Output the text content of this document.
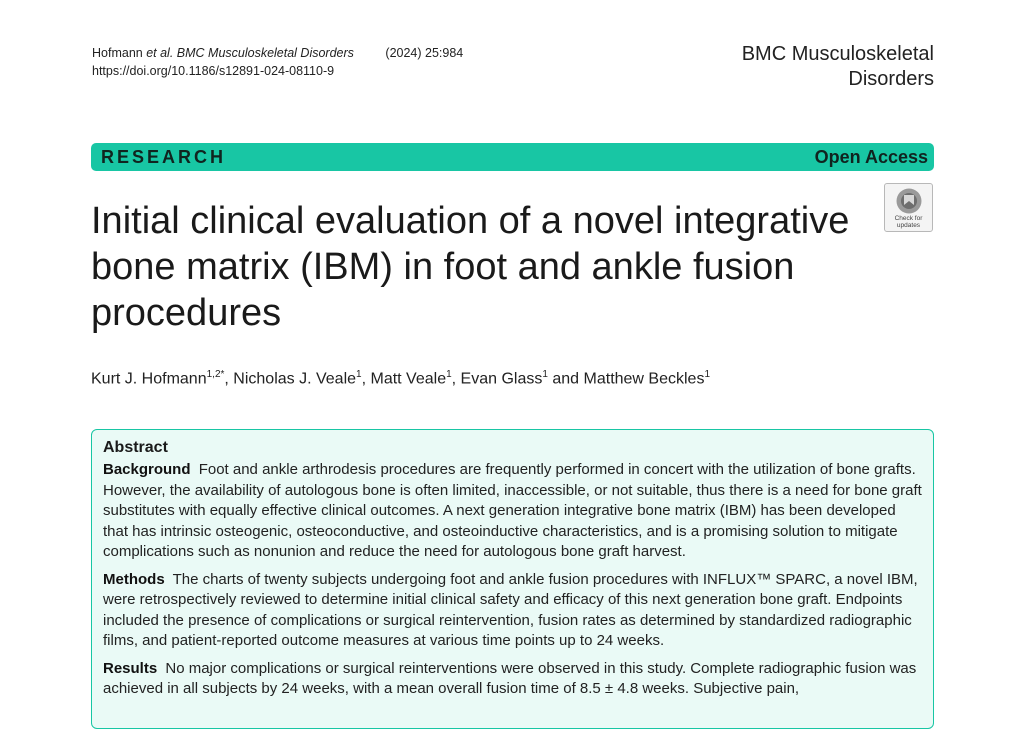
Hofmann et al. BMC Musculoskeletal Disorders	(2024) 25:984
https://doi.org/10.1186/s12891-024-08110-9
BMC Musculoskeletal
Disorders
RESEARCH	Open Access
Check for
updates
Initial clinical evaluation of a novel integrative bone matrix (IBM) in foot and ankle fusion procedures
Kurt J. Hofmann$^{1,2*}$, Nicholas J. Veale$^1$, Matt Veale$^1$, Evan Glass$^1$ and Matthew Beckles$^1$
Abstract

Background Foot and ankle arthrodesis procedures are frequently performed in concert with the utilization of bone grafts. However, the availability of autologous bone is often limited, inaccessible, or not suitable, thus there is a need for bone graft substitutes with equally effective clinical outcomes. A next generation integrative bone matrix (IBM) has been developed that has intrinsic osteogenic, osteoconductive, and osteoinductive characteristics, and is a promising solution to mitigate complications such as nonunion and reduce the need for autologous bone graft harvest.

Methods The charts of twenty subjects undergoing foot and ankle fusion procedures with INFLUX™ SPARC, a novel IBM, were retrospectively reviewed to determine initial clinical safety and efficacy of this next generation bone graft. Endpoints included the presence of complications or surgical reintervention, fusion rates as determined by standardized radiographic films, and patient-reported outcome measures at various time points up to 24 weeks.

Results No major complications or surgical reinterventions were observed in this study. Complete radiographic fusion was achieved in all subjects by 24 weeks, with a mean overall fusion time of 8.5 ± 4.8 weeks. Subjective pain,
